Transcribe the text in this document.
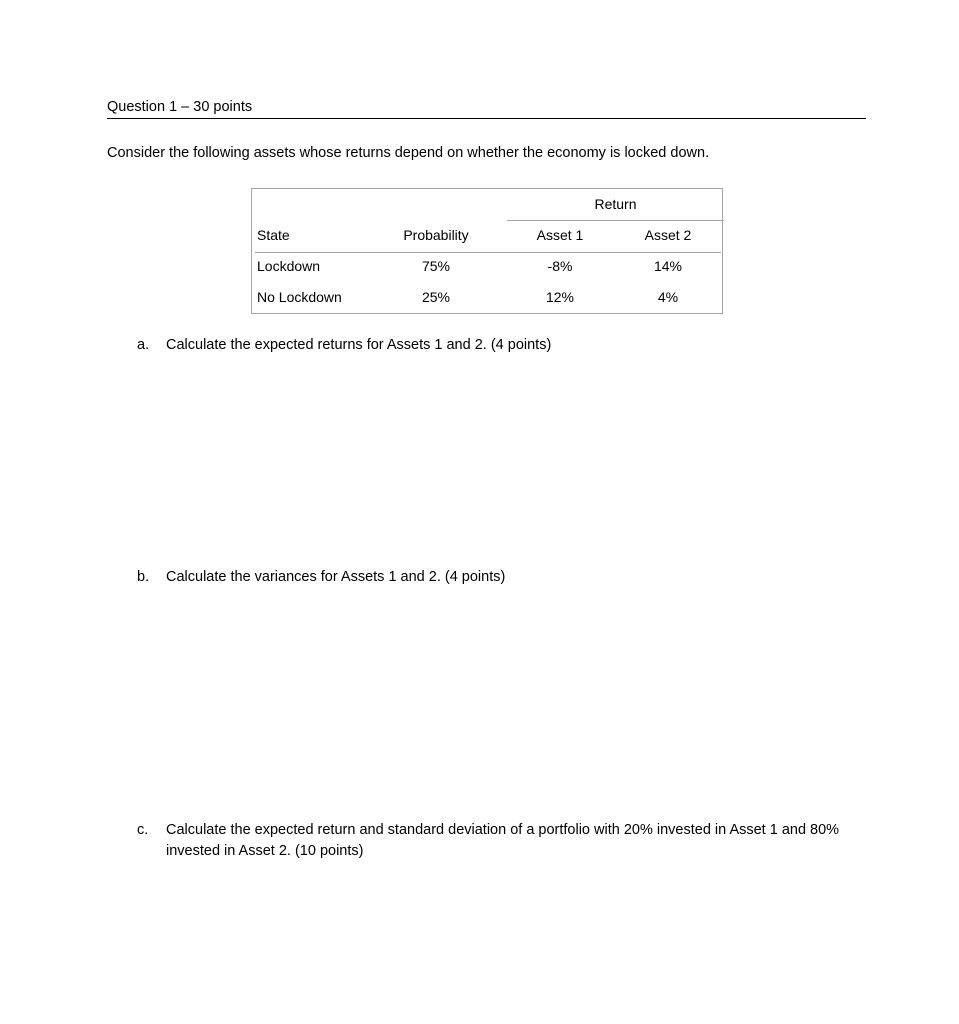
Question 1 – 30 points
Consider the following assets whose returns depend on whether the economy is locked down.
Return
State	Probability	Asset 1	Asset 2
Lockdown	75%	-8%	14%
No Lockdown	25%	12%	4%
a. Calculate the expected returns for Assets 1 and 2. (4 points)
b. Calculate the variances for Assets 1 and 2. (4 points)
c. Calculate the expected return and standard deviation of a portfolio with 20% invested in Asset 1 and 80% invested in Asset 2. (10 points)
